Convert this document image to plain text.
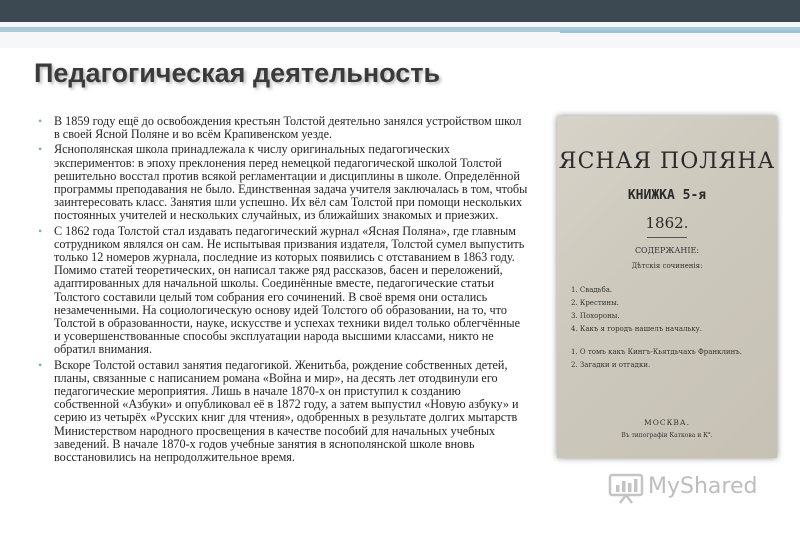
Педагогическая деятельность
• В 1859 году ещё до освобождения крестьян Толстой деятельно занялся устройством школ в своей Ясной Поляне и во всём Крапивенском уезде.
• Яснополянская школа принадлежала к числу оригинальных педагогических экспериментов: в эпоху преклонения перед немецкой педагогической школой Толстой решительно восстал против всякой регламентации и дисциплины в школе. Определённой программы преподавания не было. Единственная задача учителя заключалась в том, чтобы заинтересовать класс. Занятия шли успешно. Их вёл сам Толстой при помощи нескольких постоянных учителей и нескольких случайных, из ближайших знакомых и приезжих.
• С 1862 года Толстой стал издавать педагогический журнал «Ясная Поляна», где главным сотрудником являлся он сам. Не испытывая призвания издателя, Толстой сумел выпустить только 12 номеров журнала, последние из которых появились с отставанием в 1863 году. Помимо статей теоретических, он написал также ряд рассказов, басен и переложений, адаптированных для начальной школы. Соединённые вместе, педагогические статьи Толстого составили целый том собрания его сочинений. В своё время они остались незамеченными. На социологическую основу идей Толстого об образовании, на то, что Толстой в образованности, науке, искусстве и успехах техники видел только облегчённые и усовершенствованные способы эксплуатации народа высшими классами, никто не обратил внимания.
• Вскоре Толстой оставил занятия педагогикой. Женитьба, рождение собственных детей, планы, связанные с написанием романа «Война и мир», на десять лет отодвинули его педагогические мероприятия. Лишь в начале 1870-х он приступил к созданию собственной «Азбуки» и опубликовал её в 1872 году, а затем выпустил «Новую азбуку» и серию из четырёх «Русских книг для чтения», одобренных в результате долгих мытарств Министерством народного просвещения в качестве пособий для начальных учебных заведений. В начале 1870-х годов учебные занятия в яснополянской школе вновь восстановились на непродолжительное время.
ЯСНАЯ ПОЛЯНА
КНИЖКА 5-я
1862.
СОДЕРЖАНІЕ:
Дѣтскія сочиненія:
1. Свадьба.
2. Крестины.
3. Похороны.
4. Какъ я городъ нашелъ начальку.
1. О томъ какъ Кингъ-Кьятдьчахъ Франклинъ.
2. Загадки и отгадки.
МОСКВА.
Въ типографіи Каткова и К°.
MyShared
